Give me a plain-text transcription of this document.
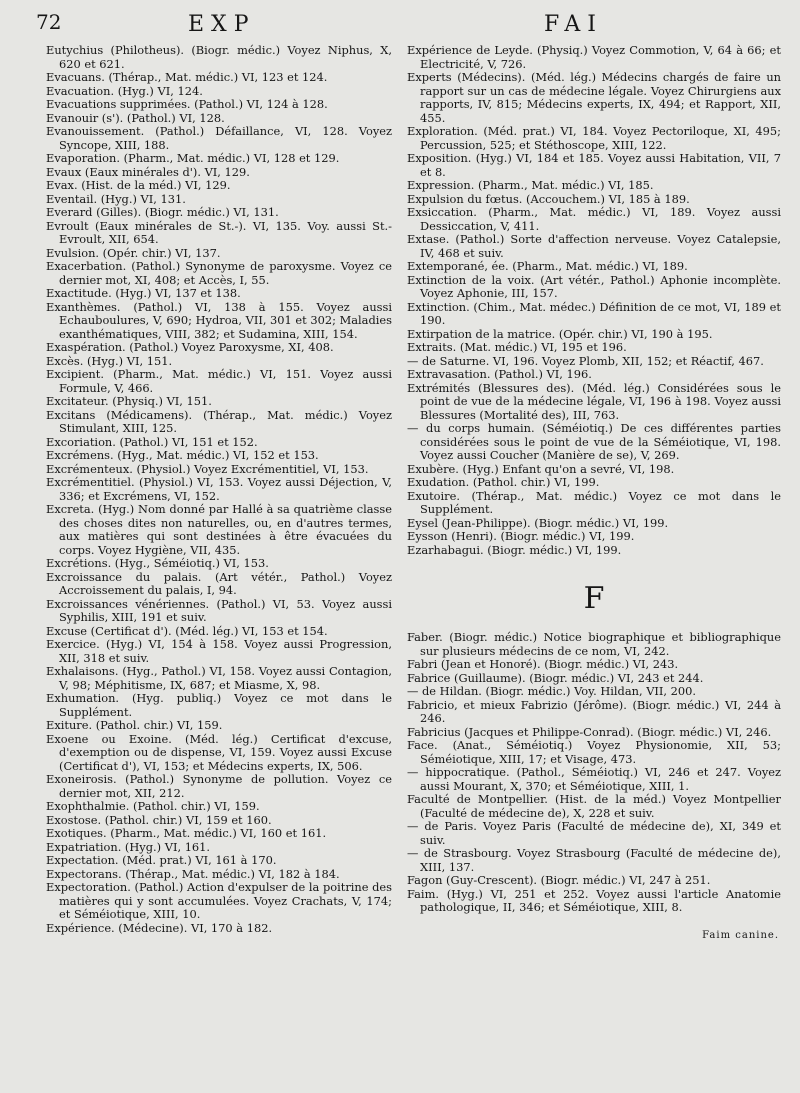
72	EXP	FAI

Eutychius (Philotheus). (Biogr. médic.) Voyez Niphus, X, 620 et 621.

Evacuans. (Thérap., Mat. médic.) VI, 123 et 124.

Evacuation. (Hyg.) VI, 124.

Evacuations supprimées. (Pathol.) VI, 124 à 128.

Evanouir (s'). (Pathol.) VI, 128.

Evanouissement. (Pathol.) Défaillance, VI, 128. Voyez Syncope, XIII, 188.

Evaporation. (Pharm., Mat. médic.) VI, 128 et 129.

Evaux (Eaux minérales d'). VI, 129.

Evax. (Hist. de la méd.) VI, 129.

Eventail. (Hyg.) VI, 131.

Everard (Gilles). (Biogr. médic.) VI, 131.

Evroult (Eaux minérales de St.-). VI, 135. Voy. aussi St.-Evroult, XII, 654.

Evulsion. (Opér. chir.) VI, 137.

Exacerbation. (Pathol.) Synonyme de paroxysme. Voyez ce dernier mot, XI, 408; et Accès, I, 55.

Exactitude. (Hyg.) VI, 137 et 138.

Exanthèmes. (Pathol.) VI, 138 à 155. Voyez aussi Echauboulures, V, 690; Hydroa, VII, 301 et 302; Maladies exanthématiques, VIII, 382; et Sudamina, XIII, 154.

Exaspération. (Pathol.) Voyez Paroxysme, XI, 408.

Excès. (Hyg.) VI, 151.

Excipient. (Pharm., Mat. médic.) VI, 151. Voyez aussi Formule, V, 466.

Excitateur. (Physiq.) VI, 151.

Excitans (Médicamens). (Thérap., Mat. médic.) Voyez Stimulant, XIII, 125.

Excoriation. (Pathol.) VI, 151 et 152.

Excrémens. (Hyg., Mat. médic.) VI, 152 et 153.

Excrémenteux. (Physiol.) Voyez Excrémentitiel, VI, 153.

Excrémentitiel. (Physiol.) VI, 153. Voyez aussi Déjection, V, 336; et Excrémens, VI, 152.

Excreta. (Hyg.) Nom donné par Hallé à sa quatrième classe des choses dites non naturelles, ou, en d'autres termes, aux matières qui sont destinées à être évacuées du corps. Voyez Hygiène, VII, 435.

Excrétions. (Hyg., Séméiotiq.) VI, 153.

Excroissance du palais. (Art vétér., Pathol.) Voyez Accroissement du palais, I, 94.

Excroissances vénériennes. (Pathol.) VI, 53. Voyez aussi Syphilis, XIII, 191 et suiv.

Excuse (Certificat d'). (Méd. lég.) VI, 153 et 154.

Exercice. (Hyg.) VI, 154 à 158. Voyez aussi Progression, XII, 318 et suiv.

Exhalaisons. (Hyg., Pathol.) VI, 158. Voyez aussi Contagion, V, 98; Méphitisme, IX, 687; et Miasme, X, 98.

Exhumation. (Hyg. publiq.) Voyez ce mot dans le Supplément.

Exiture. (Pathol. chir.) VI, 159.

Exoene ou Exoine. (Méd. lég.) Certificat d'excuse, d'exemption ou de dispense, VI, 159. Voyez aussi Excuse (Certificat d'), VI, 153; et Médecins experts, IX, 506.

Exoneirosis. (Pathol.) Synonyme de pollution. Voyez ce dernier mot, XII, 212.

Exophthalmie. (Pathol. chir.) VI, 159.

Exostose. (Pathol. chir.) VI, 159 et 160.

Exotiques. (Pharm., Mat. médic.) VI, 160 et 161.

Expatriation. (Hyg.) VI, 161.

Expectation. (Méd. prat.) VI, 161 à 170.

Expectorans. (Thérap., Mat. médic.) VI, 182 à 184.

Expectoration. (Pathol.) Action d'expulser de la poitrine des matières qui y sont accumulées. Voyez Crachats, V, 174; et Séméiotique, XIII, 10.

Expérience. (Médecine). VI, 170 à 182.

Expérience de Leyde. (Physiq.) Voyez Commotion, V, 64 à 66; et Electricité, V, 726.

Experts (Médecins). (Méd. lég.) Médecins chargés de faire un rapport sur un cas de médecine légale. Voyez Chirurgiens aux rapports, IV, 815; Médecins experts, IX, 494; et Rapport, XII, 455.

Exploration. (Méd. prat.) VI, 184. Voyez Pectoriloque, XI, 495; Percussion, 525; et Stéthoscope, XIII, 122.

Exposition. (Hyg.) VI, 184 et 185. Voyez aussi Habitation, VII, 7 et 8.

Expression. (Pharm., Mat. médic.) VI, 185.

Expulsion du fœtus. (Accouchem.) VI, 185 à 189.

Exsiccation. (Pharm., Mat. médic.) VI, 189. Voyez aussi Dessiccation, V, 411.

Extase. (Pathol.) Sorte d'affection nerveuse. Voyez Catalepsie, IV, 468 et suiv.

Extemporané, ée. (Pharm., Mat. médic.) VI, 189.

Extinction de la voix. (Art vétér., Pathol.) Aphonie incomplète. Voyez Aphonie, III, 157.

Extinction. (Chim., Mat. médec.) Définition de ce mot, VI, 189 et 190.

Extirpation de la matrice. (Opér. chir.) VI, 190 à 195.

Extraits. (Mat. médic.) VI, 195 et 196.

— de Saturne. VI, 196. Voyez Plomb, XII, 152; et Réactif, 467.

Extravasation. (Pathol.) VI, 196.

Extrémités (Blessures des). (Méd. lég.) Considérées sous le point de vue de la médecine légale, VI, 196 à 198. Voyez aussi Blessures (Mortalité des), III, 763.

— du corps humain. (Séméiotiq.) De ces différentes parties considérées sous le point de vue de la Séméiotique, VI, 198. Voyez aussi Coucher (Manière de se), V, 269.

Exubère. (Hyg.) Enfant qu'on a sevré, VI, 198.

Exudation. (Pathol. chir.) VI, 199.

Exutoire. (Thérap., Mat. médic.) Voyez ce mot dans le Supplément.

Eysel (Jean-Philippe). (Biogr. médic.) VI, 199.

Eysson (Henri). (Biogr. médic.) VI, 199.

Ezarhabagui. (Biogr. médic.) VI, 199.

F

Faber. (Biogr. médic.) Notice biographique et bibliographique sur plusieurs médecins de ce nom, VI, 242.

Fabri (Jean et Honoré). (Biogr. médic.) VI, 243.

Fabrice (Guillaume). (Biogr. médic.) VI, 243 et 244.

— de Hildan. (Biogr. médic.) Voy. Hildan, VII, 200.

Fabricio, et mieux Fabrizio (Jérôme). (Biogr. médic.) VI, 244 à 246.

Fabricius (Jacques et Philippe-Conrad). (Biogr. médic.) VI, 246.

Face. (Anat., Séméiotiq.) Voyez Physionomie, XII, 53; Séméiotique, XIII, 17; et Visage, 473.

— hippocratique. (Pathol., Séméiotiq.) VI, 246 et 247. Voyez aussi Mourant, X, 370; et Séméiotique, XIII, 1.

Faculté de Montpellier. (Hist. de la méd.) Voyez Montpellier (Faculté de médecine de), X, 228 et suiv.

— de Paris. Voyez Paris (Faculté de médecine de), XI, 349 et suiv.

— de Strasbourg. Voyez Strasbourg (Faculté de médecine de), XIII, 137.

Fagon (Guy-Crescent). (Biogr. médic.) VI, 247 à 251.

Faim. (Hyg.) VI, 251 et 252. Voyez aussi l'article Anatomie pathologique, II, 346; et Séméiotique, XIII, 8.

Faim canine.
